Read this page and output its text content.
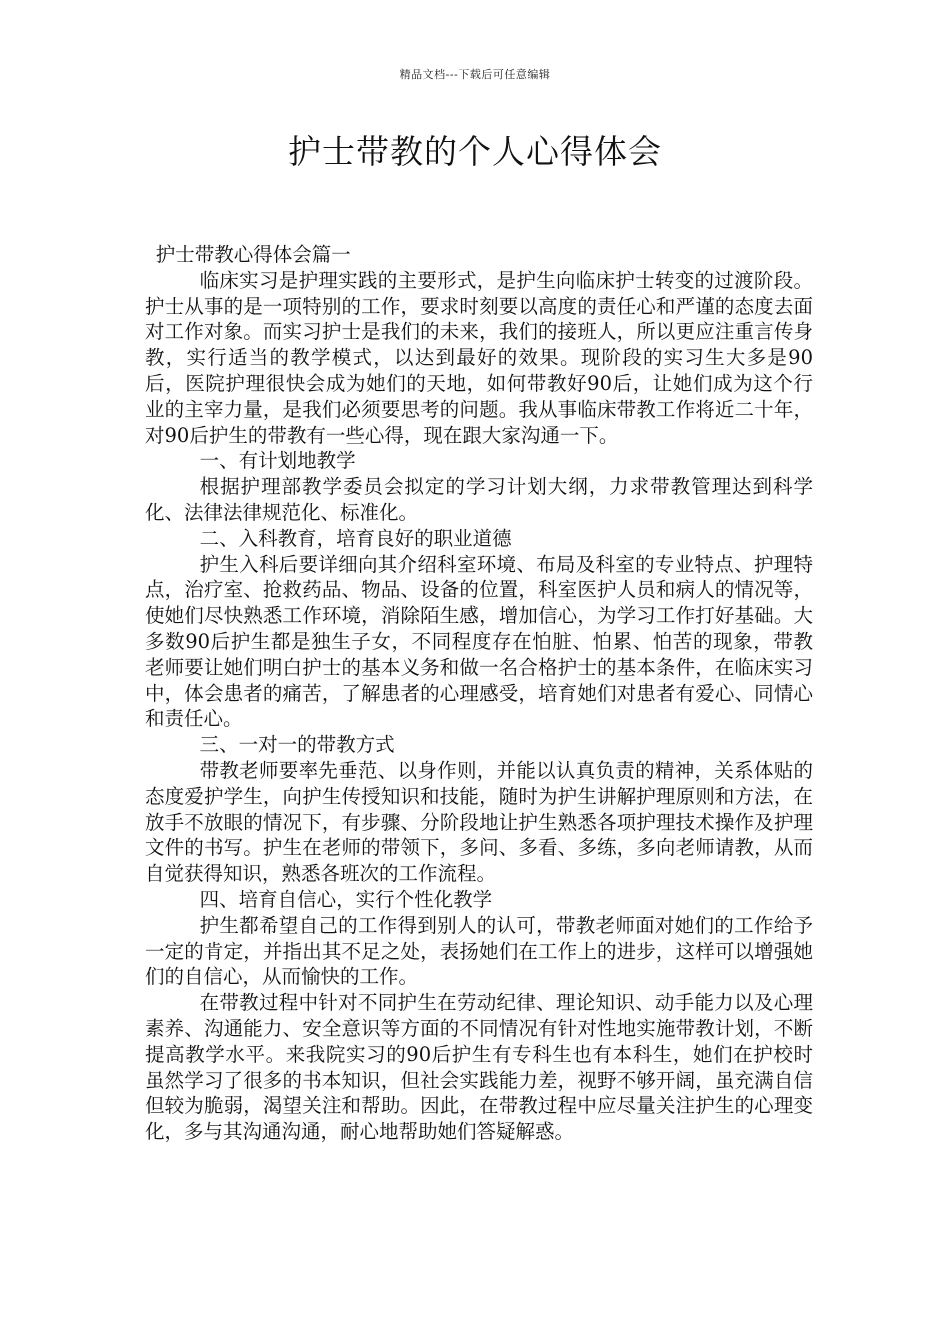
精品文档---下载后可任意编辑
护士带教的个人心得体会

护士带教心得体会篇一

临床实习是护理实践的主要形式，是护生向临床护士转变的过渡阶段。护士从事的是一项特别的工作，要求时刻要以高度的责任心和严谨的态度去面对工作对象。而实习护士是我们的未来，我们的接班人，所以更应注重言传身教，实行适当的教学模式，以达到最好的效果。现阶段的实习生大多是90后，医院护理很快会成为她们的天地，如何带教好90后，让她们成为这个行业的主宰力量，是我们必须要思考的问题。我从事临床带教工作将近二十年，对90后护生的带教有一些心得，现在跟大家沟通一下。

一、有计划地教学

根据护理部教学委员会拟定的学习计划大纲，力求带教管理达到科学化、法律法律规范化、标准化。

二、入科教育，培育良好的职业道德

护生入科后要详细向其介绍科室环境、布局及科室的专业特点、护理特点，治疗室、抢救药品、物品、设备的位置，科室医护人员和病人的情况等，使她们尽快熟悉工作环境，消除陌生感，增加信心，为学习工作打好基础。大多数90后护生都是独生子女，不同程度存在怕脏、怕累、怕苦的现象，带教老师要让她们明白护士的基本义务和做一名合格护士的基本条件，在临床实习中，体会患者的痛苦，了解患者的心理感受，培育她们对患者有爱心、同情心和责任心。

三、一对一的带教方式

带教老师要率先垂范、以身作则，并能以认真负责的精神，关系体贴的态度爱护学生，向护生传授知识和技能，随时为护生讲解护理原则和方法，在放手不放眼的情况下，有步骤、分阶段地让护生熟悉各项护理技术操作及护理文件的书写。护生在老师的带领下，多问、多看、多练，多向老师请教，从而自觉获得知识，熟悉各班次的工作流程。

四、培育自信心，实行个性化教学

护生都希望自己的工作得到别人的认可，带教老师面对她们的工作给予一定的肯定，并指出其不足之处，表扬她们在工作上的进步，这样可以增强她们的自信心，从而愉快的工作。

在带教过程中针对不同护生在劳动纪律、理论知识、动手能力以及心理素养、沟通能力、安全意识等方面的不同情况有针对性地实施带教计划，不断提高教学水平。来我院实习的90后护生有专科生也有本科生，她们在护校时虽然学习了很多的书本知识，但社会实践能力差，视野不够开阔，虽充满自信但较为脆弱，渴望关注和帮助。因此，在带教过程中应尽量关注护生的心理变化，多与其沟通沟通，耐心地帮助她们答疑解惑。
